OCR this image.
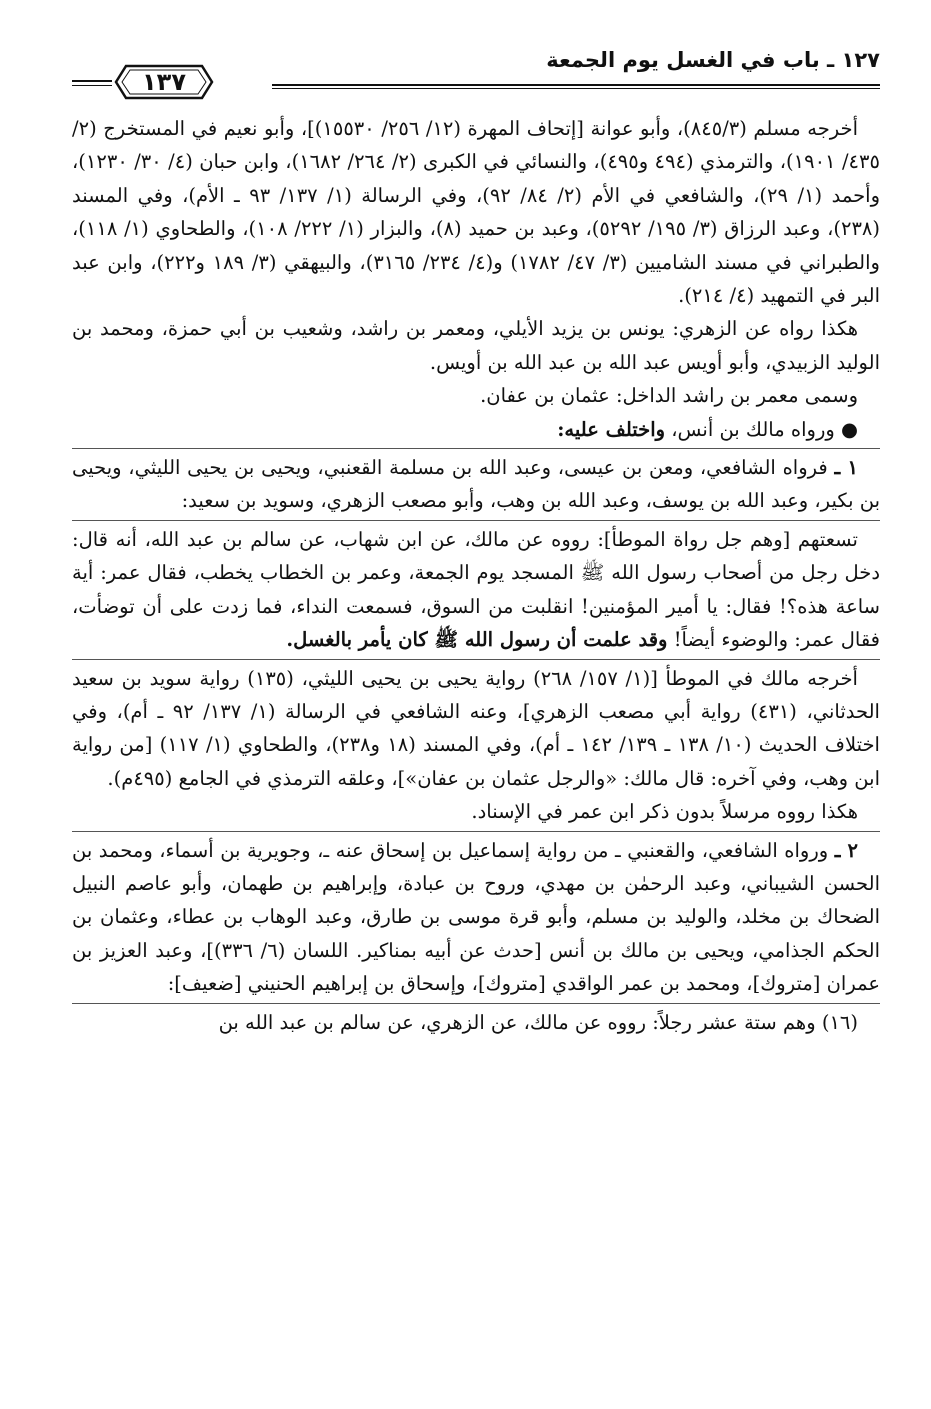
١٢٧ ـ باب في الغسل يوم الجمعة
١٣٧

أخرجه مسلم (٨٤٥/٣)، وأبو عوانة [إتحاف المهرة (١٢/ ٢٥٦/ ١٥٥٣٠)]، وأبو نعيم في المستخرج (٢/ ٤٣٥/ ١٩٠١)، والترمذي (٤٩٤ و٤٩٥)، والنسائي في الكبرى (٢/ ٢٦٤/ ١٦٨٢)، وابن حبان (٤/ ٣٠/ ١٢٣٠)، وأحمد (١/ ٢٩)، والشافعي في الأم (٢/ ٨٤/ ٩٢)، وفي الرسالة (١/ ١٣٧/ ٩٣ ـ الأم)، وفي المسند (٢٣٨)، وعبد الرزاق (٣/ ١٩٥/ ٥٢٩٢)، وعبد بن حميد (٨)، والبزار (١/ ٢٢٢/ ١٠٨)، والطحاوي (١/ ١١٨)، والطبراني في مسند الشاميين (٣/ ٤٧/ ١٧٨٢) و(٤/ ٢٣٤/ ٣١٦٥)، والبيهقي (٣/ ١٨٩ و٢٢٢)، وابن عبد البر في التمهيد (٤/ ٢١٤).

هكذا رواه عن الزهري: يونس بن يزيد الأيلي، ومعمر بن راشد، وشعيب بن أبي حمزة، ومحمد بن الوليد الزبيدي، وأبو أويس عبد الله بن عبد الله بن أويس.

وسمى معمر بن راشد الداخل: عثمان بن عفان.

● ورواه مالك بن أنس، واختلف عليه:

١ ـ فرواه الشافعي، ومعن بن عيسى، وعبد الله بن مسلمة القعنبي، ويحيى بن يحيى الليثي، ويحيى بن بكير، وعبد الله بن يوسف، وعبد الله بن وهب، وأبو مصعب الزهري، وسويد بن سعيد:

تسعتهم [وهم جل رواة الموطأ]: رووه عن مالك، عن ابن شهاب، عن سالم بن عبد الله، أنه قال: دخل رجل من أصحاب رسول الله ﷺ المسجد يوم الجمعة، وعمر بن الخطاب يخطب، فقال عمر: أية ساعة هذه؟! فقال: يا أمير المؤمنين! انقلبت من السوق، فسمعت النداء، فما زدت على أن توضأت، فقال عمر: والوضوء أيضاً! وقد علمت أن رسول الله ﷺ كان يأمر بالغسل.

أخرجه مالك في الموطأ [(١/ ١٥٧/ ٢٦٨) رواية يحيى بن يحيى الليثي، (١٣٥) رواية سويد بن سعيد الحدثاني، (٤٣١) رواية أبي مصعب الزهري]، وعنه الشافعي في الرسالة (١/ ١٣٧/ ٩٢ ـ أم)، وفي اختلاف الحديث (١٠/ ١٣٨ ـ ١٣٩/ ١٤٢ ـ أم)، وفي المسند (١٨ و٢٣٨)، والطحاوي (١/ ١١٧) [من رواية ابن وهب، وفي آخره: قال مالك: «والرجل عثمان بن عفان»]، وعلقه الترمذي في الجامع (٤٩٥م).

هكذا رووه مرسلاً بدون ذكر ابن عمر في الإسناد.

٢ ـ ورواه الشافعي، والقعنبي ـ من رواية إسماعيل بن إسحاق عنه ـ، وجويرية بن أسماء، ومحمد بن الحسن الشيباني، وعبد الرحمٰن بن مهدي، وروح بن عبادة، وإبراهيم بن طهمان، وأبو عاصم النبيل الضحاك بن مخلد، والوليد بن مسلم، وأبو قرة موسى بن طارق، وعبد الوهاب بن عطاء، وعثمان بن الحكم الجذامي، ويحيى بن مالك بن أنس [حدث عن أبيه بمناكير. اللسان (٦/ ٣٣٦)]، وعبد العزيز بن عمران [متروك]، ومحمد بن عمر الواقدي [متروك]، وإسحاق بن إبراهيم الحنيني [ضعيف]:

(١٦) وهم ستة عشر رجلاً: رووه عن مالك، عن الزهري، عن سالم بن عبد الله بن
